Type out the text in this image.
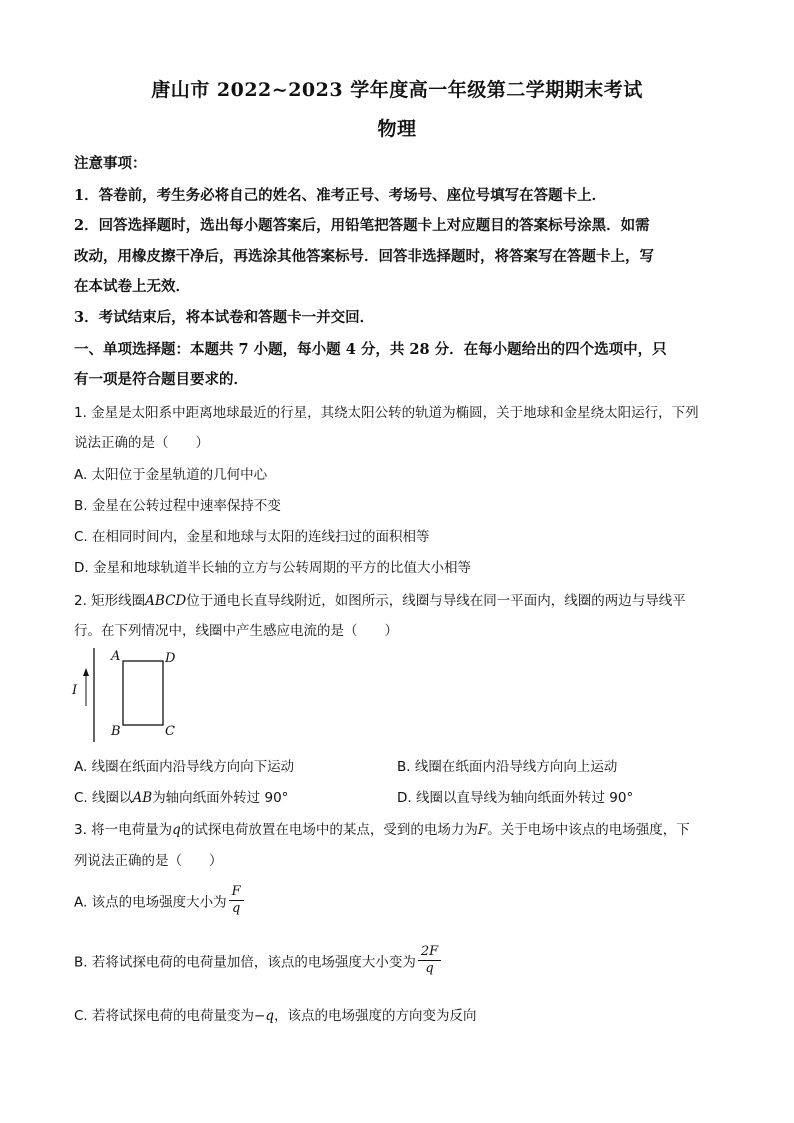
唐山市 2022~2023 学年度高一年级第二学期期末考试
物理
注意事项：
1．答卷前，考生务必将自己的姓名、准考正号、考场号、座位号填写在答题卡上．
2．回答选择题时，选出每小题答案后，用铅笔把答题卡上对应题目的答案标号涂黑．如需
改动，用橡皮擦干净后，再选涂其他答案标号．回答非选择题时，将答案写在答题卡上，写
在本试卷上无效．
3．考试结束后，将本试卷和答题卡一并交回．
一、单项选择题：本题共 7 小题，每小题 4 分，共 28 分．在每小题给出的四个选项中，只
有一项是符合题目要求的．
1. 金星是太阳系中距离地球最近的行星，其绕太阳公转的轨道为椭圆，关于地球和金星绕太阳运行，下列
说法正确的是（　　）
A. 太阳位于金星轨道的几何中心
B. 金星在公转过程中速率保持不变
C. 在相同时间内，金星和地球与太阳的连线扫过的面积相等
D. 金星和地球轨道半长轴的立方与公转周期的平方的比值大小相等
2. 矩形线圈ABCD位于通电长直导线附近，如图所示，线圈与导线在同一平面内，线圈的两边与导线平
行。在下列情况中，线圈中产生感应电流的是（　　）
I
A	D
B	C
A. 线圈在纸面内沿导线方向向下运动	B. 线圈在纸面内沿导线方向向上运动
C. 线圈以AB为轴向纸面外转过 90°	D. 线圈以直导线为轴向纸面外转过 90°
3. 将一电荷量为q的试探电荷放置在电场中的某点，受到的电场力为F。关于电场中该点的电场强度，下
列说法正确的是（　　）
A. 该点的电场强度大小为 $\frac{F}{q}$
B. 若将试探电荷的电荷量加倍，该点的电场强度大小变为 $\frac{2F}{q}$
C. 若将试探电荷的电荷量变为−q，该点的电场强度的方向变为反向
